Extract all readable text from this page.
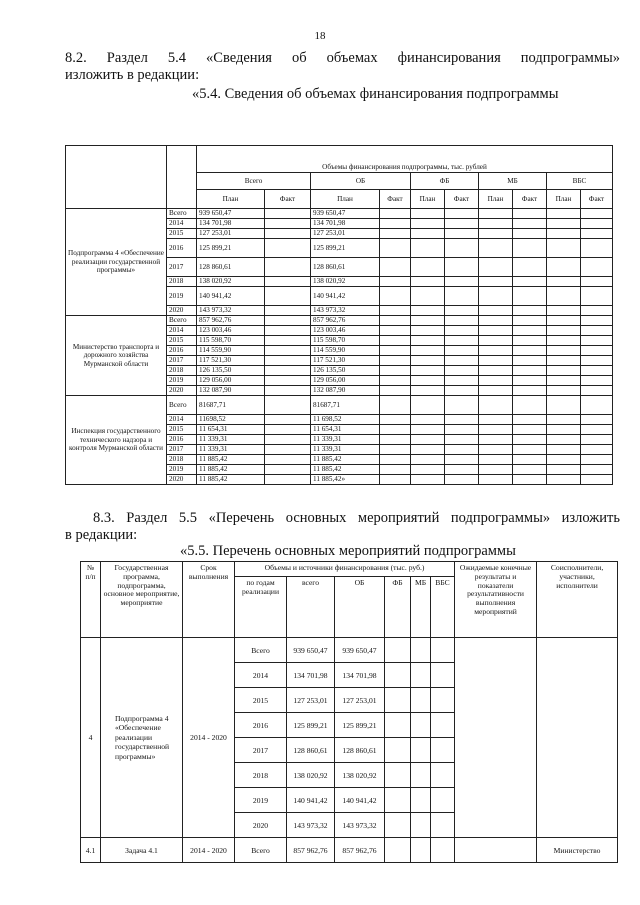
18
8.2. Раздел 5.4 «Сведения об объемах финансирования подпрограммы»
изложить в редакции:
«5.4. Сведения об объемах финансирования подпрограммы
		Объемы финансирования подпрограммы, тыс. рублей									
		Всего		ОБ		ФБ		МБ		ВБС	
		План	Факт	План	Факт	План	Факт	План	Факт	План	Факт
Подпрограмма 4 «Обеспечение реализации государственной программы»	Всего	939 650,47		939 650,47							
	2014	134 701,98		134 701,98							
	2015	127 253,01		127 253,01							
	2016	125 899,21		125 899,21							
	2017	128 860,61		128 860,61							
	2018	138 020,92		138 020,92							
	2019	140 941,42		140 941,42							
	2020	143 973,32		143 973,32							
Министерство транспорта и дорожного хозяйства Мурманской области	Всего	857 962,76		857 962,76							
	2014	123 003,46		123 003,46							
	2015	115 598,70		115 598,70							
	2016	114 559,90		114 559,90							
	2017	117 521,30		117 521,30							
	2018	126 135,50		126 135,50							
	2019	129 056,00		129 056,00							
	2020	132 087,90		132 087,90							
Инспекция государственного технического надзора и контроля Мурманской области	Всего	81687,71		81687,71							
	2014	11698,52		11 698,52							
	2015	11 654,31		11 654,31							
	2016	11 339,31		11 339,31							
	2017	11 339,31		11 339,31							
	2018	11 885,42		11 885,42							
	2019	11 885,42		11 885,42							
	2020	11 885,42		11 885,42»							
8.3. Раздел 5.5 «Перечень основных мероприятий подпрограммы» изложить
в редакции:
«5.5. Перечень основных мероприятий подпрограммы
№ п/п	Государственная программа, подпрограмма, основное мероприятие, мероприятие	Срок выполнения	Объемы и источники финансирования (тыс. руб.)						Ожидаемые конечные результаты и показатели результативности выполнения мероприятий	Соисполнители, участники, исполнители
			по годам реализации	всего	ОБ	ФБ	МБ	ВБС		
4	Подпрограмма 4 «Обеспечение реализации государственной программы»	2014 - 2020	Всего	939 650,47	939 650,47					
			2014	134 701,98	134 701,98					
			2015	127 253,01	127 253,01					
			2016	125 899,21	125 899,21					
			2017	128 860,61	128 860,61					
			2018	138 020,92	138 020,92					
			2019	140 941,42	140 941,42					
			2020	143 973,32	143 973,32					
4.1	Задача 4.1	2014 - 2020	Всего	857 962,76	857 962,76					Министерство
